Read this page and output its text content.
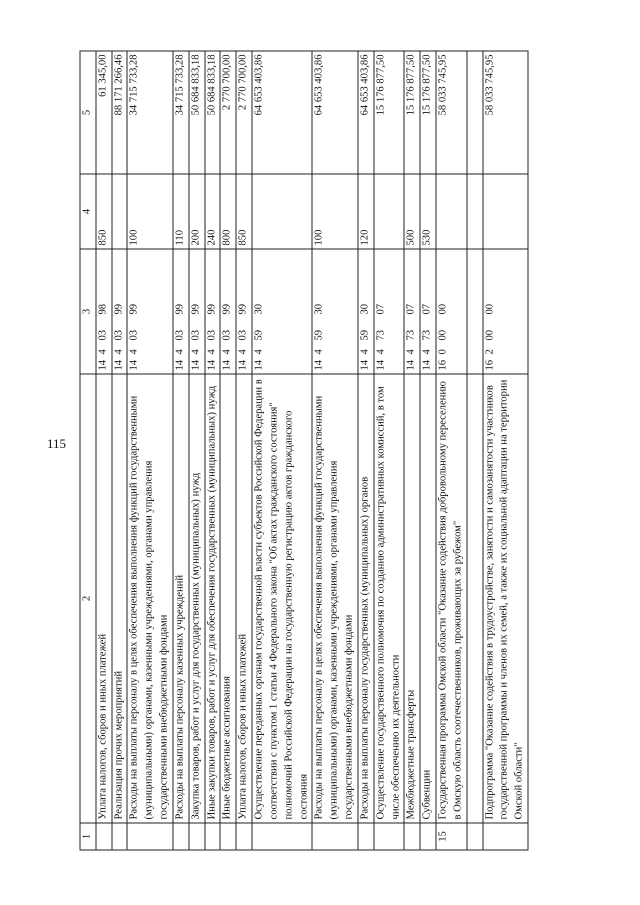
115
1	2	3	4	5
	Уплата налогов, сборов и иных платежей	1440398	850	61 345,00
	Реализация прочих мероприятий	1440399		88 171 266,46
	Расходы на выплаты персоналу в целях обеспечения выполнения функций государственными (муниципальными) органами, казенными учреждениями, органами управления государственными внебюджетными фондами	1440399	100	34 715 733,28
	Расходы на выплаты персоналу казенных учреждений	1440399	110	34 715 733,28
	Закупка товаров, работ и услуг для государственных (муниципальных) нужд	1440399	200	50 684 833,18
	Иные закупки товаров, работ и услуг для обеспечения государственных (муниципальных) нужд	1440399	240	50 684 833,18
	Иные бюджетные ассигнования	1440399	800	2 770 700,00
	Уплата налогов, сборов и иных платежей	1440399	850	2 770 700,00
	Осуществление переданных органам государственной власти субъектов Российской Федерации в соответствии с пунктом 1 статьи 4 Федерального закона "Об актах гражданского состояния" полномочий Российской Федерации на государственную регистрацию актов гражданского состояния	1445930		64 653 403,86
	Расходы на выплаты персоналу в целях обеспечения выполнения функций государственными (муниципальными) органами, казенными учреждениями, органами управления государственными внебюджетными фондами	1445930	100	64 653 403,86
	Расходы на выплаты персоналу государственных (муниципальных) органов	1445930	120	64 653 403,86
	Осуществление государственного полномочия по созданию административных комиссий, в том числе обеспечению их деятельности	1447307		15 176 877,50
	Межбюджетные трансферты	1447307	500	15 176 877,50
	Субвенции	1447307	530	15 176 877,50
15	Государственная программа Омской области "Оказание содействия добровольному переселению в Омскую область соотечественников, проживающих за рубежом"	1600000		58 033 745,95

	Подпрограмма "Оказание содействия в трудоустройстве, занятости и самозанятости участников государственной программы и членов их семей, а также их социальной адаптации на территории Омской области"	1620000		58 033 745,95
